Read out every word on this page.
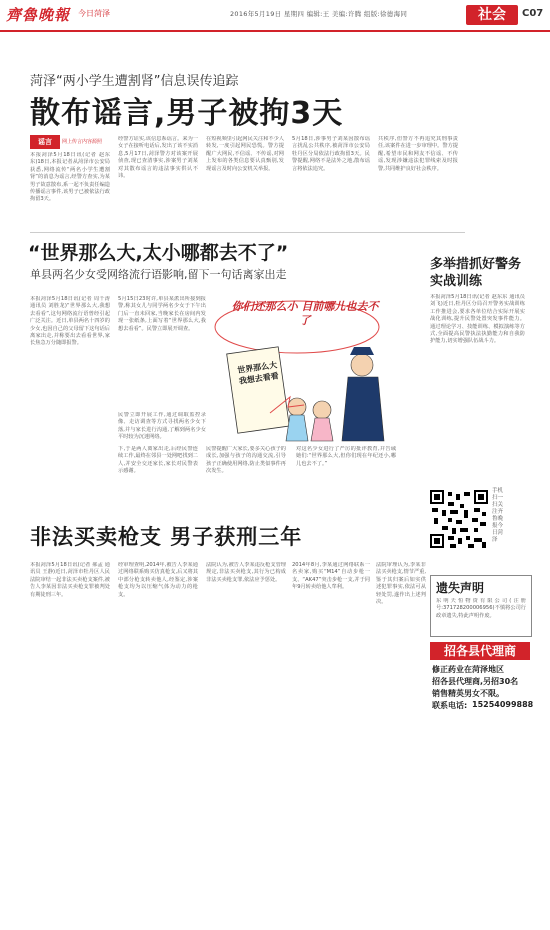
齊魯晚報 今日菏泽	2016年5月19日 星期四 编辑:王 美编:许腾 组版:徐德海同	社会	C07
菏泽“两小学生遭割肾”信息误传追踪
散布谣言,男子被拘3天
谣言	网上传言内容源照
本报菏泽5月18日讯(记者 赵东东)18日,本报记者从菏泽市公安局获悉,网络流传“两名小学生遭割肾”的消息为谣言,经警方查实,为某男子故意散布,系一起不负责任编造传播谣言事件,该男子已被依法行政拘留3天。
经警方证实,该信息系谣言。来为一女子在接听电话后,发出了该不实消息,5月17日,菏泽警方对该案开展侦查,现已查清事实,涉案男子刘某对其散布谣言的违法事实供认不讳。
在短视频里引起网民关注和不少人转发,一度引起网民恐慌。警方提醒广大网民,不信谣、不传谣,对网上发布的各类信息要认真甄别,发现谣言及时向公安机关举报。
5月18日,涉事男子刘某因散布谣言扰乱公共秩序,被菏泽市公安局牡丹区分局依法行政拘留3天。民警提醒,网络不是法外之地,散布谣言将依法追究。
共秩序,但警方不再追究其刑事责任,该案件在进一步审理中。警方提醒,希望市民和网友不信谣、不传谣,发现涉嫌违法犯罪线索及时报警,共同维护良好社会秩序。
“世界那么大,太小哪都去不了”
单县两名少女受网络流行语影响,留下一句话离家出走
你们还那么小 目前哪儿也去不了
世界那么大 我想去看看
本报菏泽5月18日讯(记者 周千涛 通讯员 刘胜龙)“世界那么大,我想去看看”,这句网络流行语曾经引起广泛关注。近日,单县两名十四岁的少女,也因自己的父母留下这句话后离家出走,并称要出去看看世界,家长焦急万分随即报警。
5月15日23时许,单县某派出所接到报警,称其女儿与同学两名少女于下午出门后一直未回家,当晚家长在房间内发现一张纸条,上面写着“世界那么大,我想去看看”。民警立即展开调查。
民警立即开展工作,通过调取监控录像、走访调查等方式寻找两名少女下落,并与家长进行沟通,了解到两名少女平时较为沉迷网络。
下,于是两人离家出走,后经民警连续工作,最终在邻县一处网吧找到二人,并安全交还家长,家长对民警表示感谢。
民警提醒广大家长,要多关心孩子的成长,加强与孩子的沟通交流,引导孩子正确使用网络,防止类似事件再次发生。
对这名少女进行了严厉的批评教育,并告诫她们:“世界那么大,但你们现在年纪还小,哪儿也去不了。”
多举措抓好警务实战训练
本报菏泽5月18日讯(记者 赵东东 通讯员 刘飞)近日,牡丹区分局召开警务实战训练工作推进会,要求各单位结合实际开展实战化训练,提升民警处置突发事件能力。通过理论学习、技能训练、模拟演练等方式,全面提高民警执法执勤能力和自我防护能力,切实增强队伍战斗力。
手机扫一扫关注齐鲁晚报今日菏泽
非法买卖枪支 男子获刑三年
本报菏泽5月18日讯(记者 郝孟 通讯员 王静)近日,菏泽市牡丹区人民法院审结一起非法买卖枪支案件,被告人李某因非法买卖枪支罪被判处有期徒刑三年。
经审理查明,2014年,被告人李某通过网络联系购买仿真枪支,后又将其中部分枪支转卖他人,经鉴定,涉案枪支均为以压缩气体为动力的枪支。
法院认为,被告人李某违反枪支管理规定,非法买卖枪支,其行为已构成非法买卖枪支罪,依法应予惩处。
2014年8月,李某通过网络联系一名卖家,购买“M14”自动步枪一支、“AK47”突击步枪一支,并于同年9月转卖给他人牟利。
法院审理认为,李某非法买卖枪支,情节严重,鉴于其归案后如实供述犯罪事实,依法可从轻处罚,遂作出上述判决。
遗失声明
东明天恒物资有限公司(注册号:371728200006956)不慎将公司行政章遗失,特此声明作废。
招各县代理商
修正药业在菏泽地区
招各县代理商,另招30名
销售精英男女不限。
联系电话: 15254099888
